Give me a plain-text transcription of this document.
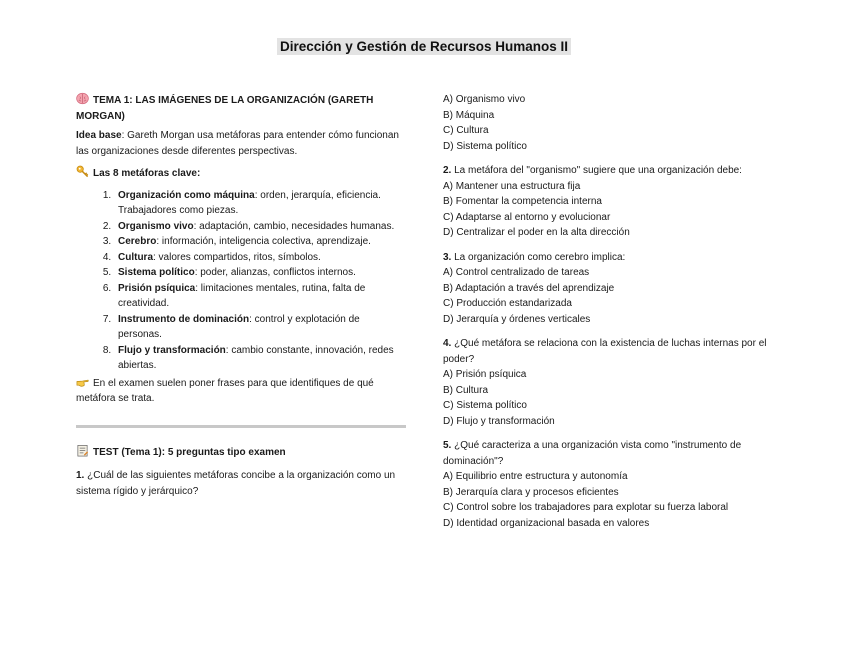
Dirección y Gestión de Recursos Humanos II
TEMA 1: LAS IMÁGENES DE LA ORGANIZACIÓN (GARETH MORGAN)
Idea base: Gareth Morgan usa metáforas para entender cómo funcionan las organizaciones desde diferentes perspectivas.
Las 8 metáforas clave:
1. Organización como máquina: orden, jerarquía, eficiencia. Trabajadores como piezas.
2. Organismo vivo: adaptación, cambio, necesidades humanas.
3. Cerebro: información, inteligencia colectiva, aprendizaje.
4. Cultura: valores compartidos, ritos, símbolos.
5. Sistema político: poder, alianzas, conflictos internos.
6. Prisión psíquica: limitaciones mentales, rutina, falta de creatividad.
7. Instrumento de dominación: control y explotación de personas.
8. Flujo y transformación: cambio constante, innovación, redes abiertas.
En el examen suelen poner frases para que identifiques de qué metáfora se trata.
TEST (Tema 1): 5 preguntas tipo examen
1. ¿Cuál de las siguientes metáforas concibe a la organización como un sistema rígido y jerárquico?
A) Organismo vivo
B) Máquina
C) Cultura
D) Sistema político
2. La metáfora del "organismo" sugiere que una organización debe:
A) Mantener una estructura fija
B) Fomentar la competencia interna
C) Adaptarse al entorno y evolucionar
D) Centralizar el poder en la alta dirección
3. La organización como cerebro implica:
A) Control centralizado de tareas
B) Adaptación a través del aprendizaje
C) Producción estandarizada
D) Jerarquía y órdenes verticales
4. ¿Qué metáfora se relaciona con la existencia de luchas internas por el poder?
A) Prisión psíquica
B) Cultura
C) Sistema político
D) Flujo y transformación
5. ¿Qué caracteriza a una organización vista como "instrumento de dominación"?
A) Equilibrio entre estructura y autonomía
B) Jerarquía clara y procesos eficientes
C) Control sobre los trabajadores para explotar su fuerza laboral
D) Identidad organizacional basada en valores
